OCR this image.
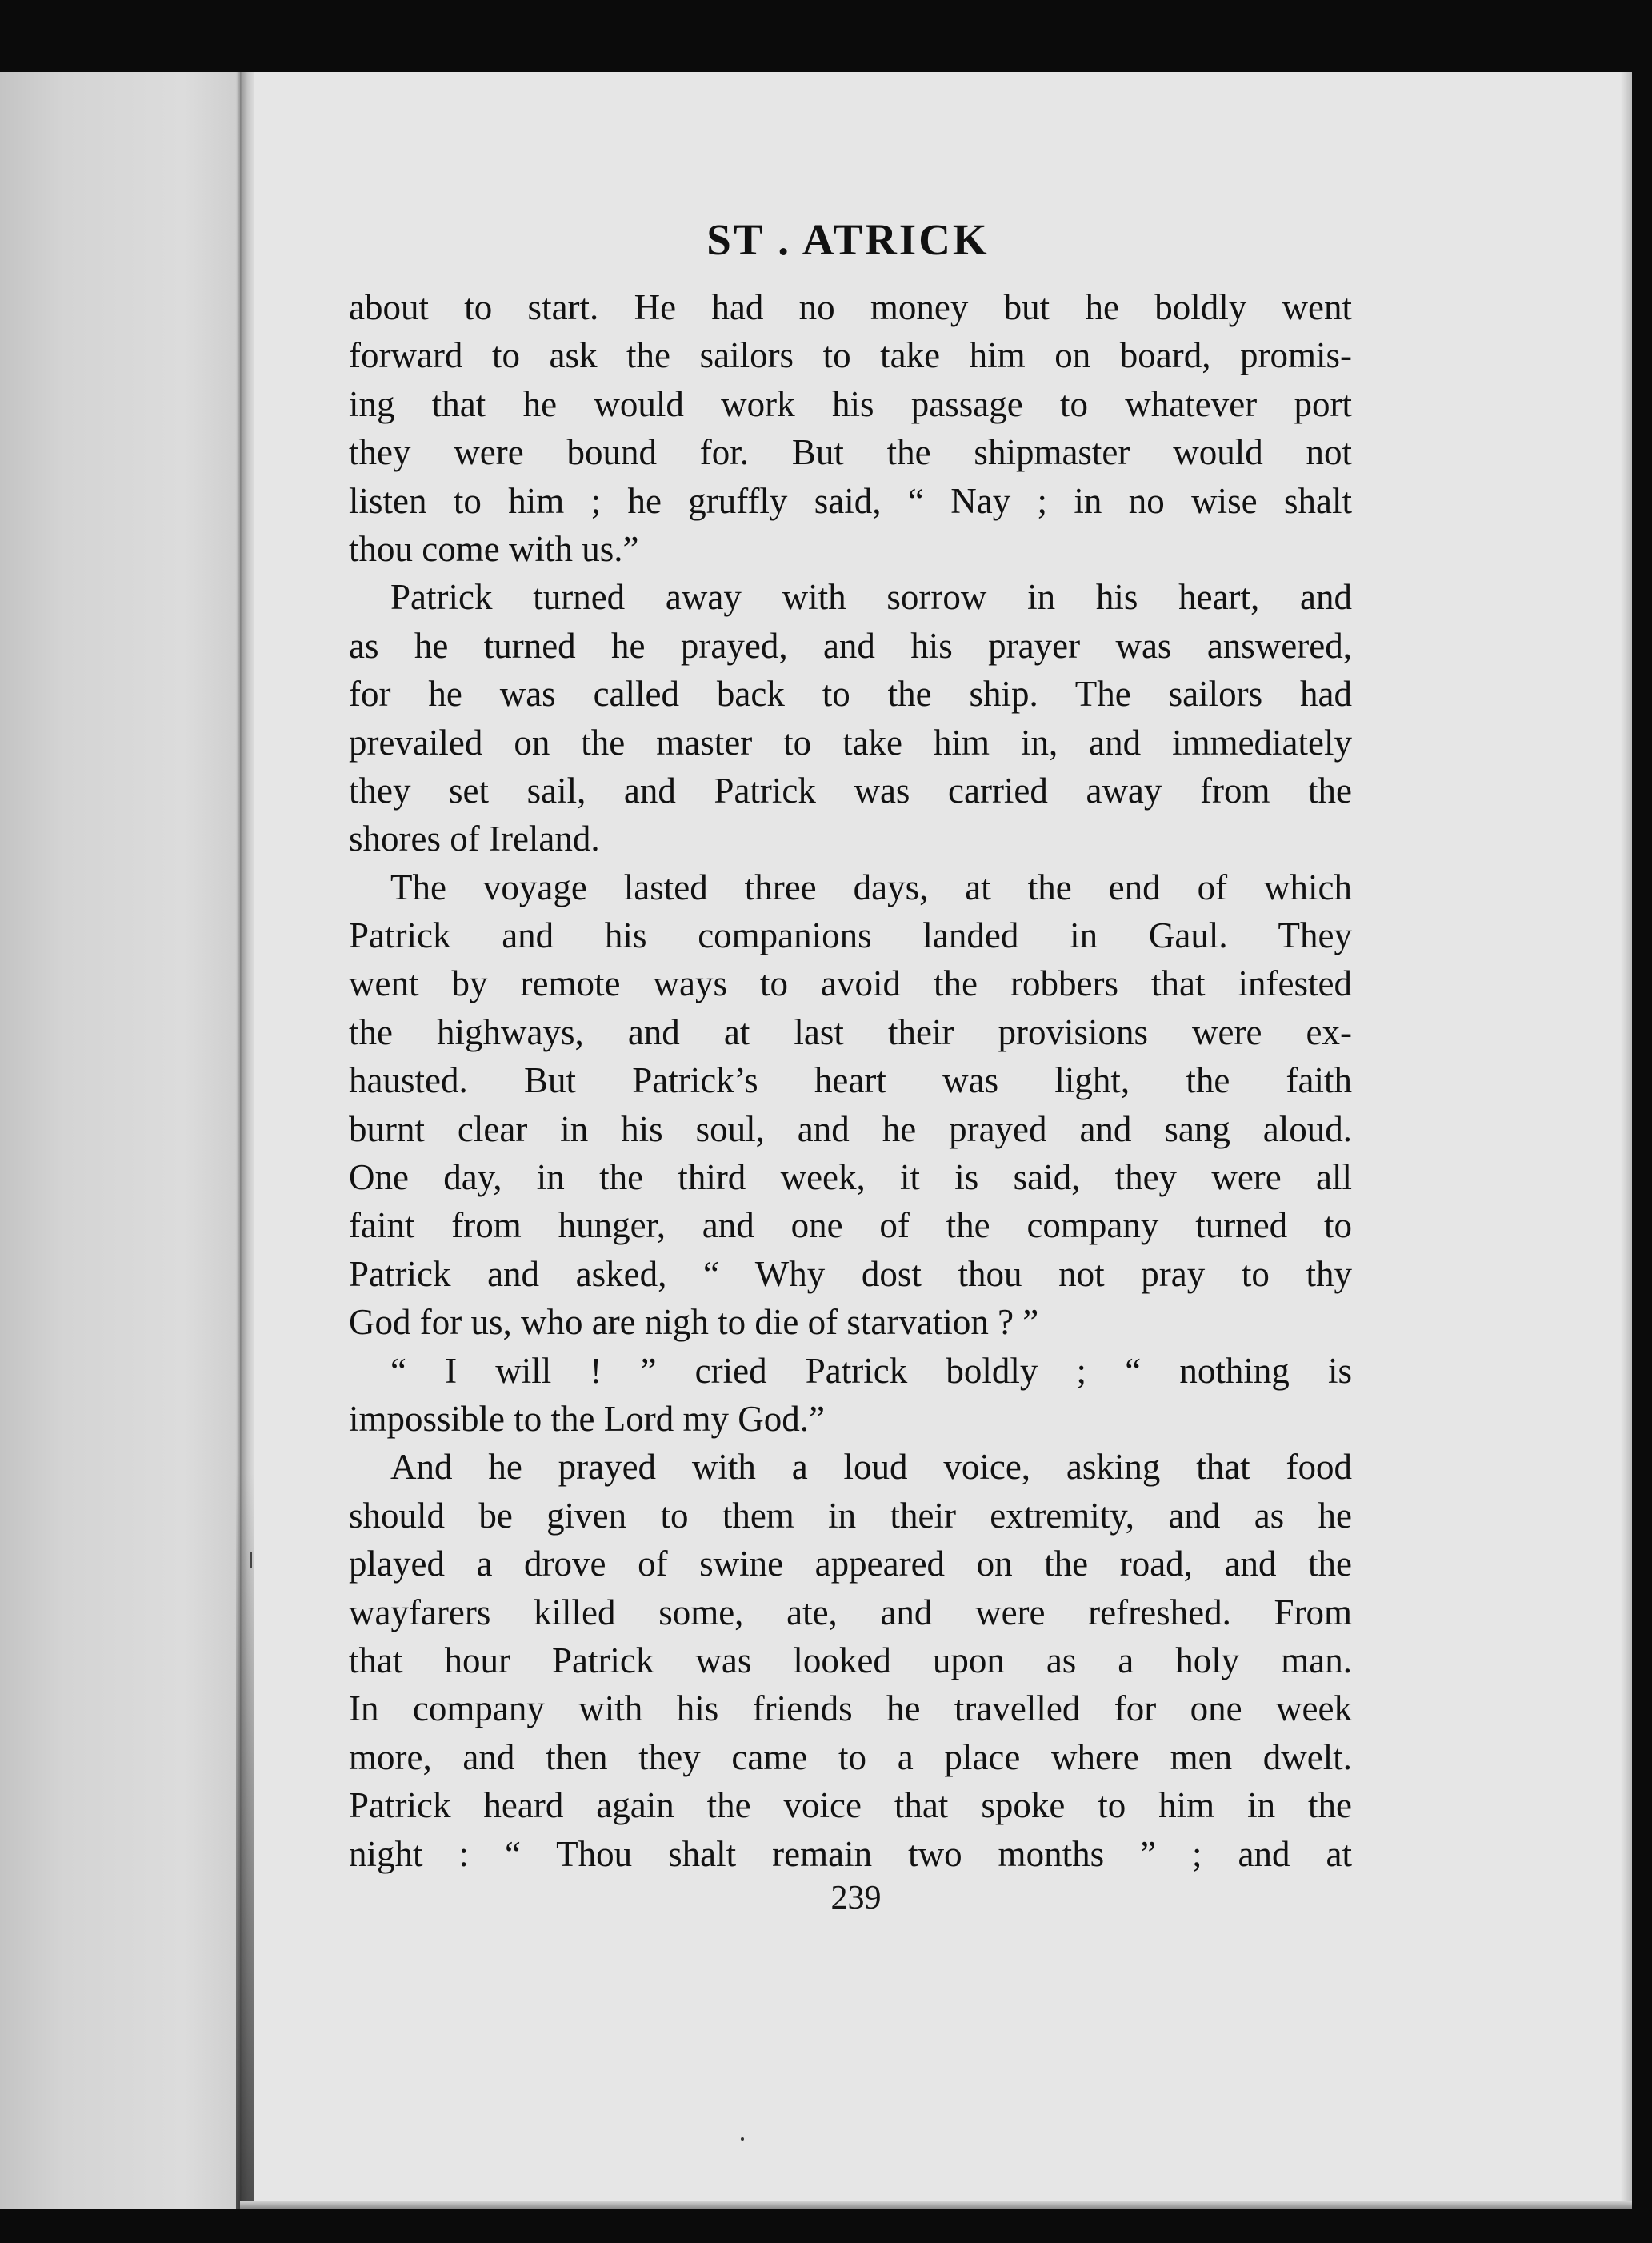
ST . ATRICK
about to start. He had no money but he boldly went
forward to ask the sailors to take him on board, promis-
ing that he would work his passage to whatever port
they were bound for. But the shipmaster would not
listen to him ; he gruffly said, “ Nay ; in no wise shalt
thou come with us.”
Patrick turned away with sorrow in his heart, and
as he turned he prayed, and his prayer was answered,
for he was called back to the ship. The sailors had
prevailed on the master to take him in, and immediately
they set sail, and Patrick was carried away from the
shores of Ireland.
The voyage lasted three days, at the end of which
Patrick and his companions landed in Gaul. They
went by remote ways to avoid the robbers that infested
the highways, and at last their provisions were ex-
hausted. But Patrick’s heart was light, the faith
burnt clear in his soul, and he prayed and sang aloud.
One day, in the third week, it is said, they were all
faint from hunger, and one of the company turned to
Patrick and asked, “ Why dost thou not pray to thy
God for us, who are nigh to die of starvation ? ”
“ I will ! ” cried Patrick boldly ; “ nothing is
impossible to the Lord my God.”
And he prayed with a loud voice, asking that food
should be given to them in their extremity, and as he
played a drove of swine appeared on the road, and the
wayfarers killed some, ate, and were refreshed. From
that hour Patrick was looked upon as a holy man.
In company with his friends he travelled for one week
more, and then they came to a place where men dwelt.
Patrick heard again the voice that spoke to him in the
night : “ Thou shalt remain two months ” ; and at
239
